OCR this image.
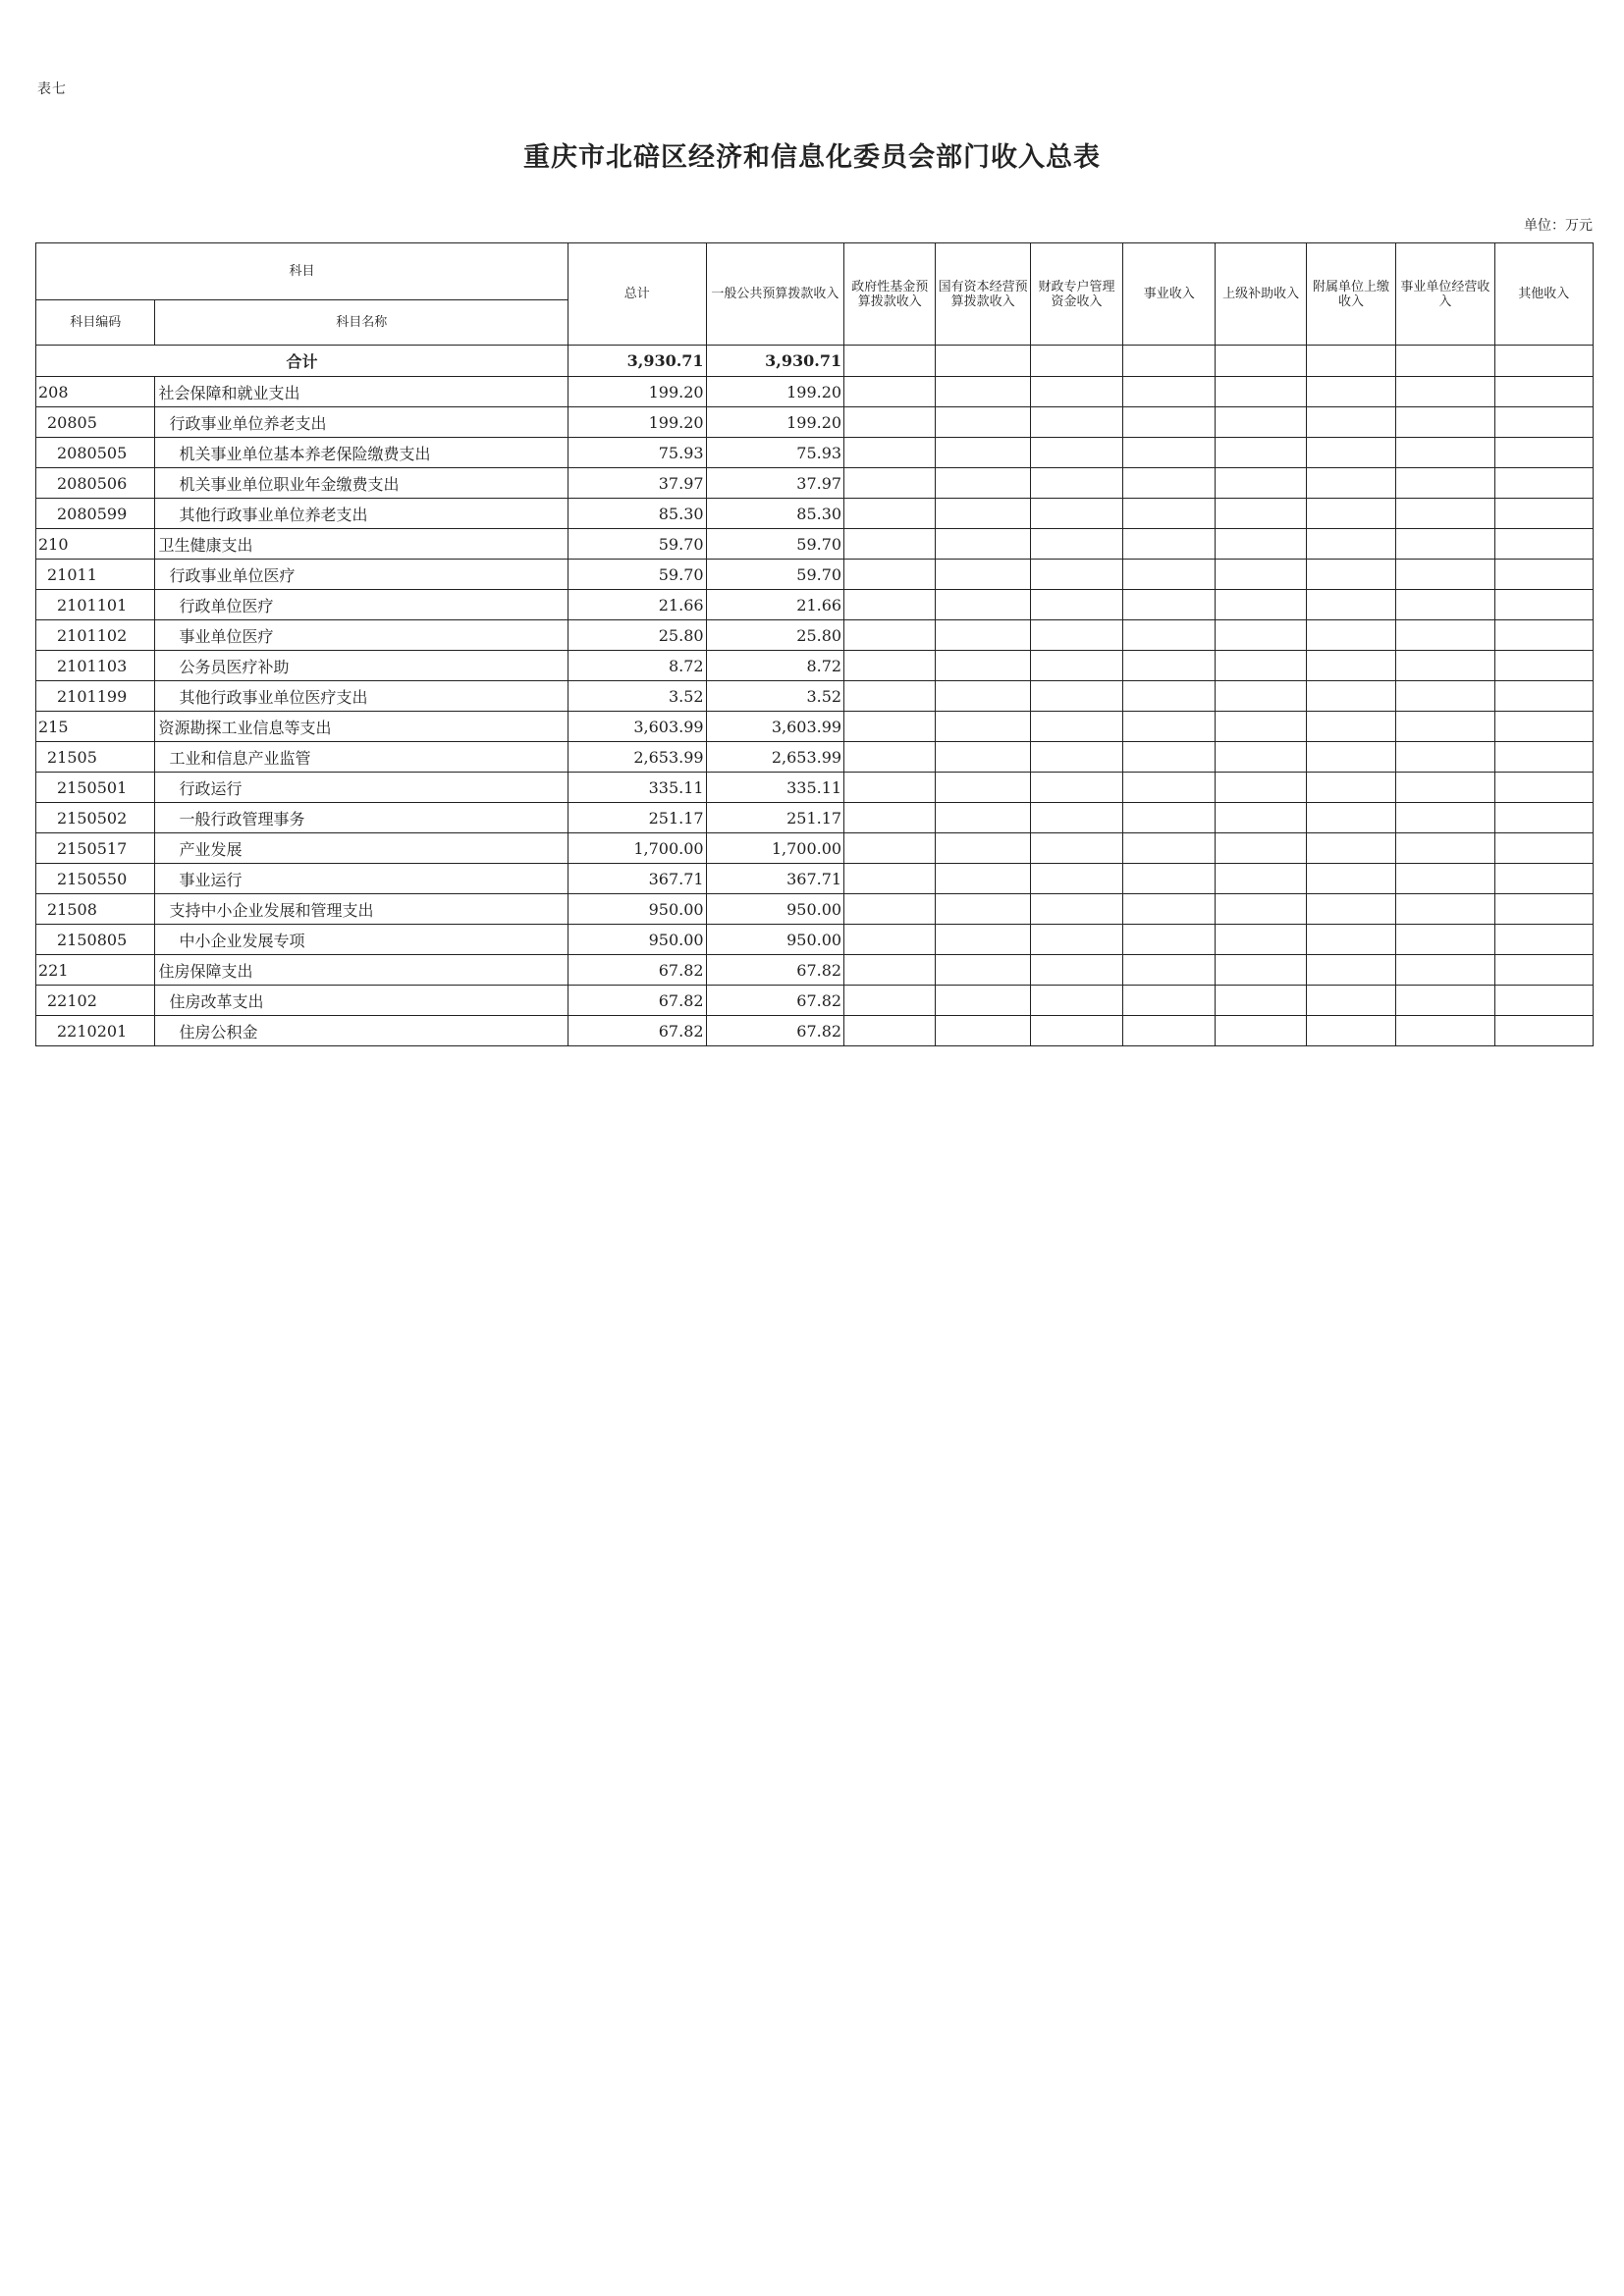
表七
重庆市北碚区经济和信息化委员会部门收入总表
单位：万元
科目		总计	一般公共预算拨款收入	政府性基金预算拨款收入	国有资本经营预算拨款收入	财政专户管理资金收入	事业收入	上级补助收入	附属单位上缴收入	事业单位经营收入	其他收入
科目编码	科目名称										
合计		3,930.71	3,930.71								
208	社会保障和就业支出	199.20	199.20								
20805	行政事业单位养老支出	199.20	199.20								
2080505	机关事业单位基本养老保险缴费支出	75.93	75.93								
2080506	机关事业单位职业年金缴费支出	37.97	37.97								
2080599	其他行政事业单位养老支出	85.30	85.30								
210	卫生健康支出	59.70	59.70								
21011	行政事业单位医疗	59.70	59.70								
2101101	行政单位医疗	21.66	21.66								
2101102	事业单位医疗	25.80	25.80								
2101103	公务员医疗补助	8.72	8.72								
2101199	其他行政事业单位医疗支出	3.52	3.52								
215	资源勘探工业信息等支出	3,603.99	3,603.99								
21505	工业和信息产业监管	2,653.99	2,653.99								
2150501	行政运行	335.11	335.11								
2150502	一般行政管理事务	251.17	251.17								
2150517	产业发展	1,700.00	1,700.00								
2150550	事业运行	367.71	367.71								
21508	支持中小企业发展和管理支出	950.00	950.00								
2150805	中小企业发展专项	950.00	950.00								
221	住房保障支出	67.82	67.82								
22102	住房改革支出	67.82	67.82								
2210201	住房公积金	67.82	67.82								
